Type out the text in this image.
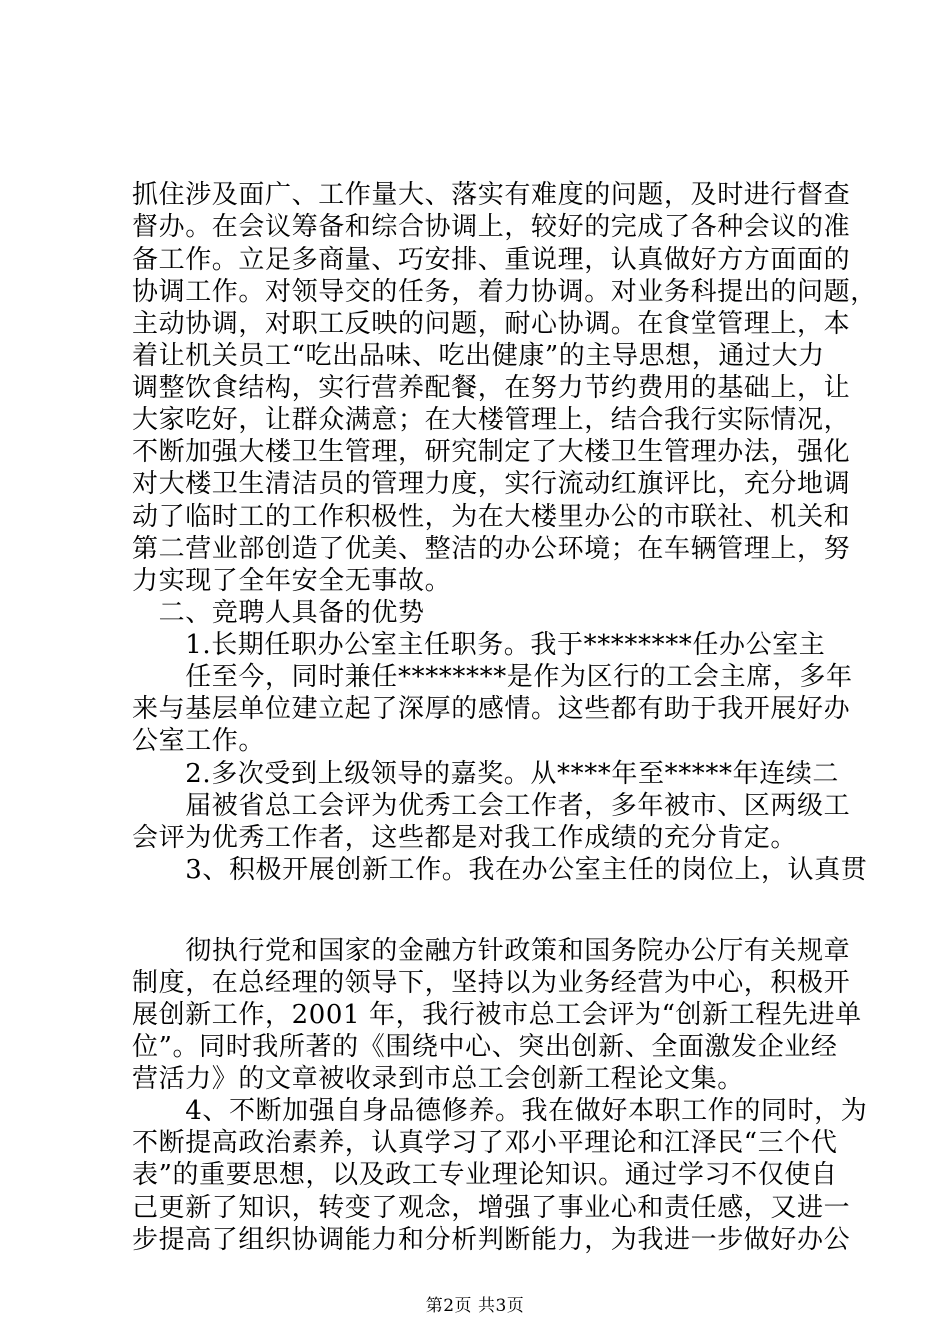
抓住涉及面广、工作量大、落实有难度的问题，及时进行督查
督办。在会议筹备和综合协调上，较好的完成了各种会议的准
备工作。立足多商量、巧安排、重说理，认真做好方方面面的
协调工作。对领导交的任务，着力协调。对业务科提出的问题，
主动协调，对职工反映的问题，耐心协调。在食堂管理上，本
着让机关员工“吃出品味、吃出健康”的主导思想，通过大力
调整饮食结构，实行营养配餐，在努力节约费用的基础上，让
大家吃好，让群众满意；在大楼管理上，结合我行实际情况，
不断加强大楼卫生管理，研究制定了大楼卫生管理办法，强化
对大楼卫生清洁员的管理力度，实行流动红旗评比，充分地调
动了临时工的工作积极性，为在大楼里办公的市联社、机关和
第二营业部创造了优美、整洁的办公环境；在车辆管理上，努
力实现了全年安全无事故。
　二、竞聘人具备的优势
　　1.长期任职办公室主任职务。我于********任办公室主
　　任至今，同时兼任********是作为区行的工会主席，多年
来与基层单位建立起了深厚的感情。这些都有助于我开展好办
公室工作。
　　2.多次受到上级领导的嘉奖。从****年至*****年连续二
　　届被省总工会评为优秀工会工作者，多年被市、区两级工
会评为优秀工作者，这些都是对我工作成绩的充分肯定。
　　3、积极开展创新工作。我在办公室主任的岗位上，认真贯
　　彻执行党和国家的金融方针政策和国务院办公厅有关规章
制度，在总经理的领导下，坚持以为业务经营为中心，积极开
展创新工作，2001 年，我行被市总工会评为“创新工程先进单
位”。同时我所著的《围绕中心、突出创新、全面激发企业经
营活力》的文章被收录到市总工会创新工程论文集。
　　4、不断加强自身品德修养。我在做好本职工作的同时，为
不断提高政治素养，认真学习了邓小平理论和江泽民“三个代
表”的重要思想，以及政工专业理论知识。通过学习不仅使自
己更新了知识，转变了观念，增强了事业心和责任感，又进一
步提高了组织协调能力和分析判断能力，为我进一步做好办公
第2页 共3页
